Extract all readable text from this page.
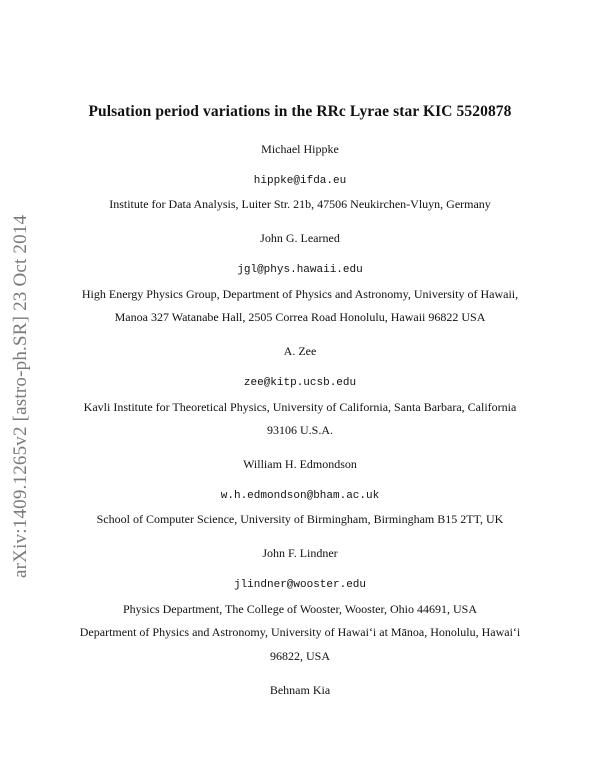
arXiv:1409.1265v2 [astro-ph.SR] 23 Oct 2014
Pulsation period variations in the RRc Lyrae star KIC 5520878
Michael Hippke
hippke@ifda.eu
Institute for Data Analysis, Luiter Str. 21b, 47506 Neukirchen-Vluyn, Germany
John G. Learned
jgl@phys.hawaii.edu
High Energy Physics Group, Department of Physics and Astronomy, University of Hawaii,
Manoa 327 Watanabe Hall, 2505 Correa Road Honolulu, Hawaii 96822 USA
A. Zee
zee@kitp.ucsb.edu
Kavli Institute for Theoretical Physics, University of California, Santa Barbara, California
93106 U.S.A.
William H. Edmondson
w.h.edmondson@bham.ac.uk
School of Computer Science, University of Birmingham, Birmingham B15 2TT, UK
John F. Lindner
jlindner@wooster.edu
Physics Department, The College of Wooster, Wooster, Ohio 44691, USA
Department of Physics and Astronomy, University of Hawai‘i at Mānoa, Honolulu, Hawai‘i
96822, USA
Behnam Kia
